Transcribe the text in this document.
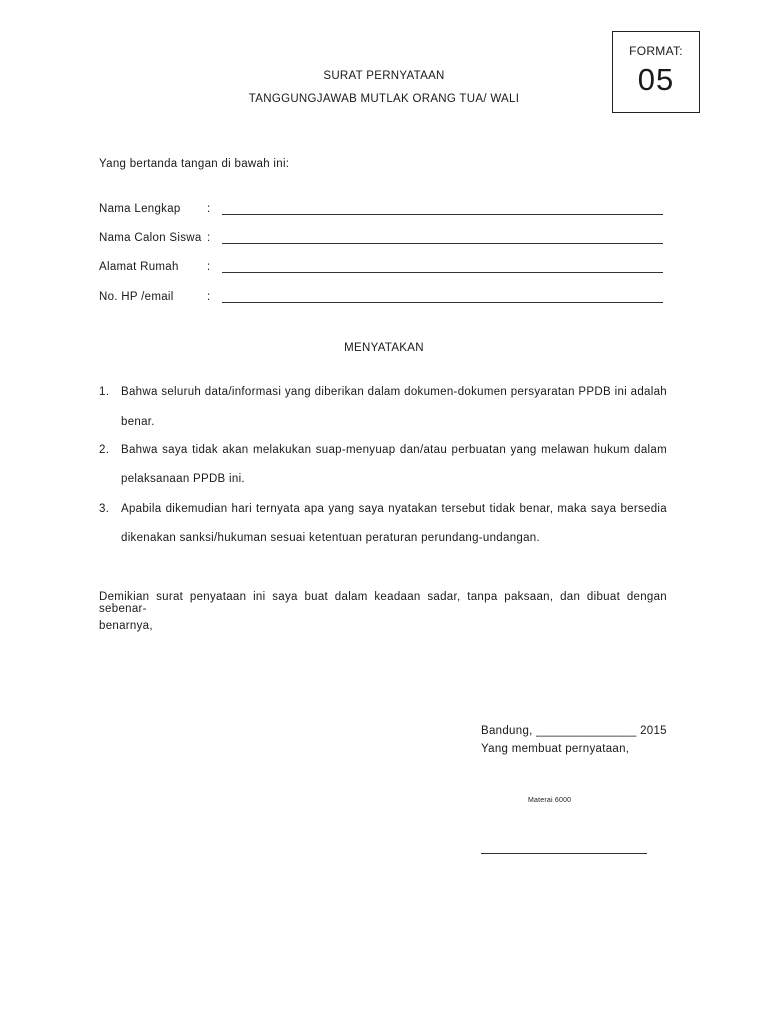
FORMAT:
05
SURAT PERNYATAAN
TANGGUNGJAWAB MUTLAK ORANG TUA/ WALI
Yang bertanda tangan di bawah ini:
Nama Lengkap :
Nama Calon Siswa :
Alamat Rumah :
No. HP /email	:
MENYATAKAN
1. Bahwa seluruh data/informasi yang diberikan dalam dokumen-dokumen persyaratan PPDB ini adalah
benar.
2. Bahwa saya tidak akan melakukan suap-menyuap dan/atau perbuatan yang melawan hukum dalam
pelaksanaan PPDB ini.
3. Apabila dikemudian hari ternyata apa yang saya nyatakan tersebut tidak benar, maka saya bersedia
dikenakan sanksi/hukuman sesuai ketentuan peraturan perundang-undangan.
Demikian surat penyataan ini saya buat dalam keadaan sadar, tanpa paksaan, dan dibuat dengan sebenar-
benarnya,
Bandung, _______________ 2015
Yang membuat pernyataan,
Materai 6000
